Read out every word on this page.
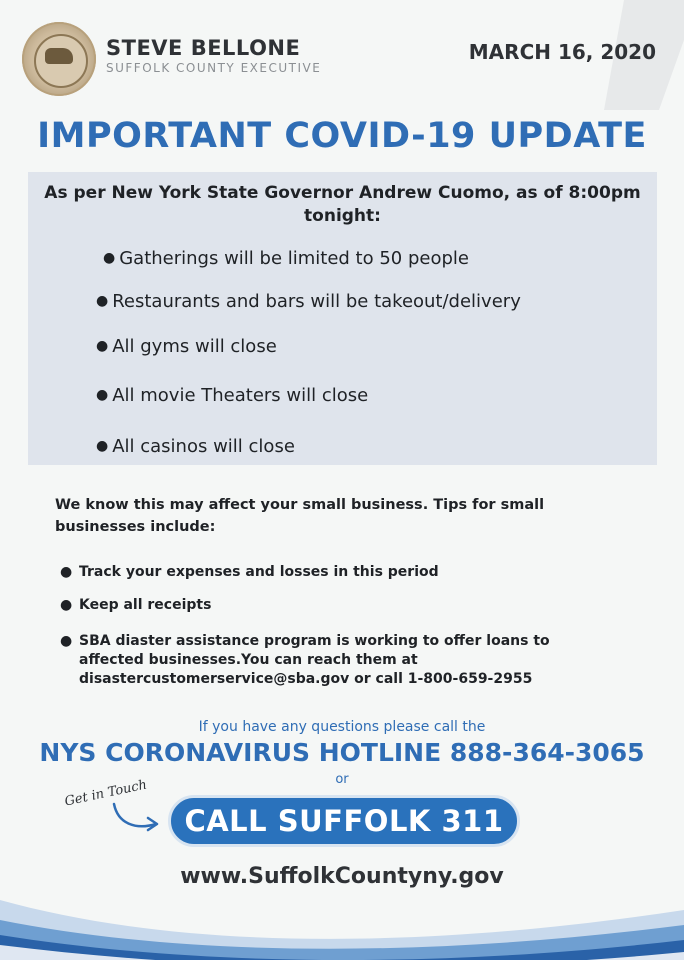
STEVE BELLONE
SUFFOLK COUNTY EXECUTIVE
MARCH 16, 2020
IMPORTANT COVID-19 UPDATE
As per New York State Governor Andrew Cuomo, as of 8:00pm tonight:
● Gatherings will be limited to 50 people
● Restaurants and bars will be takeout/delivery
● All gyms will close
● All movie Theaters will close
● All casinos will close
We know this may affect your small business. Tips for small businesses include:
● Track your expenses and losses in this period
● Keep all receipts
● SBA diaster assistance program is working to offer loans to affected businesses.You can reach them at disastercustomerservice@sba.gov or call 1-800-659-2955
If you have any questions please call the
NYS CORONAVIRUS HOTLINE 888-364-3065
or
Get in Touch
CALL SUFFOLK 311
www.SuffolkCountyny.gov
